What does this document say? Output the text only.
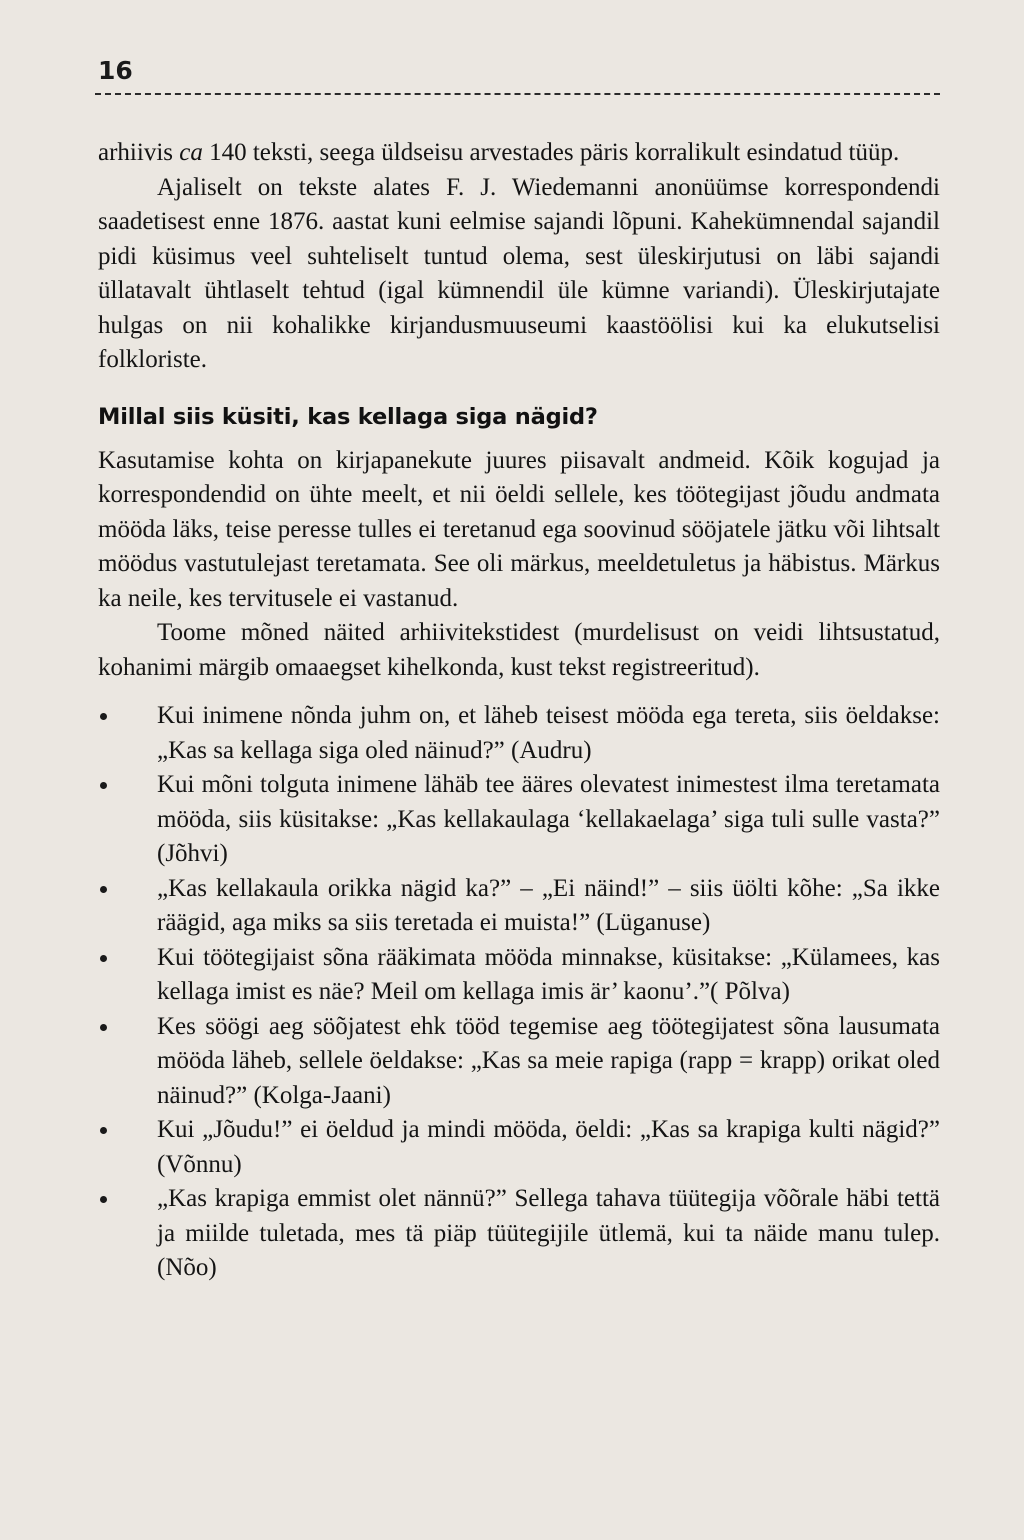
16

arhiivis ca 140 teksti, seega üldseisu arvestades päris korralikult esindatud tüüp.

Ajaliselt on tekste alates F. J. Wiedemanni anonüümse korrespondendi saadetisest enne 1876. aastat kuni eelmise sajandi lõpuni. Kahekümnendal sajandil pidi küsimus veel suhteliselt tuntud olema, sest üleskirjutusi on läbi sajandi üllatavalt ühtlaselt tehtud (igal kümnendil üle kümne variandi). Üleskirjutajate hulgas on nii kohalikke kirjandusmuuseumi kaastöölisi kui ka elukutselisi folkloriste.

Millal siis küsiti, kas kellaga siga nägid?

Kasutamise kohta on kirjapanekute juures piisavalt andmeid. Kõik kogujad ja korrespondendid on ühte meelt, et nii öeldi sellele, kes töötegijast jõudu andmata mööda läks, teise peresse tulles ei teretanud ega soovinud sööjatele jätku või lihtsalt möödus vastutulejast teretamata. See oli märkus, meeldetuletus ja häbistus. Märkus ka neile, kes tervitusele ei vastanud.

Toome mõned näited arhiivitekstidest (murdelisust on veidi lihtsustatud, kohanimi märgib omaaegset kihelkonda, kust tekst registreeritud).

Kui inimene nõnda juhm on, et läheb teisest mööda ega tereta, siis öeldakse: „Kas sa kellaga siga oled näinud?” (Audru)
Kui mõni tolguta inimene lähäb tee ääres olevatest inimestest ilma teretamata mööda, siis küsitakse: „Kas kellakaulaga ‘kellakaelaga’ siga tuli sulle vasta?” (Jõhvi)
„Kas kellakaula orikka nägid ka?” – „Ei näind!” – siis üölti kõhe: „Sa ikke räägid, aga miks sa siis teretada ei muista!” (Lüganuse)
Kui töötegijaist sõna rääkimata mööda minnakse, küsitakse: „Külamees, kas kellaga imist es näe? Meil om kellaga imis är’ kaonu’.”( Põlva)
Kes söögi aeg söõjatest ehk tööd tegemise aeg töötegijatest sõna lausumata mööda läheb, sellele öeldakse: „Kas sa meie rapiga (rapp = krapp) orikat oled näinud?” (Kolga-Jaani)
Kui „Jõudu!” ei öeldud ja mindi mööda, öeldi: „Kas sa krapiga kulti nägid?” (Võnnu)
„Kas krapiga emmist olet nännü?” Sellega tahava tüütegija võõrale häbi tettä ja miilde tuletada, mes tä piäp tüütegijile ütlemä, kui ta näide manu tulep. (Nõo)
